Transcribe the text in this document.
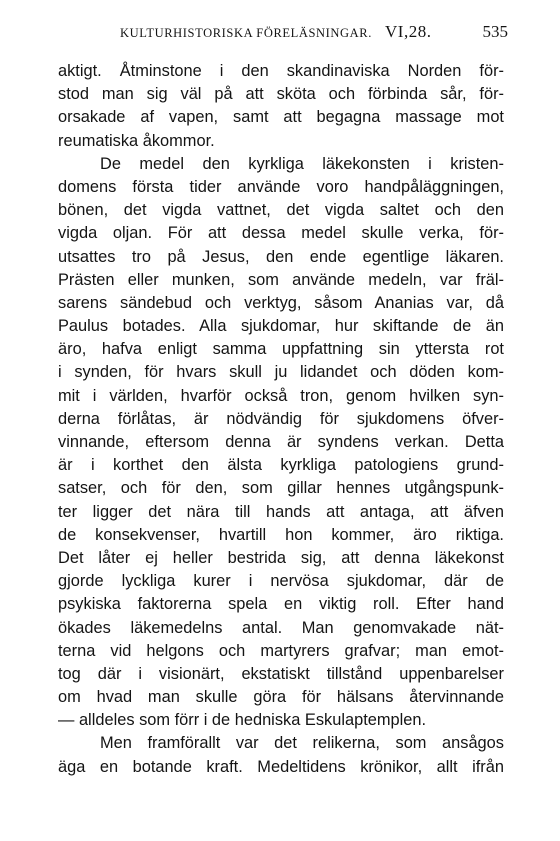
KULTURHISTORISKA FÖRELÄSNINGAR. VI,28.	535
aktigt. Åtminstone i den skandinaviska Norden för-
stod man sig väl på att sköta och förbinda sår, för-
orsakade af vapen, samt att begagna massage mot
reumatiska åkommor.
De medel den kyrkliga läkekonsten i kristen-
domens första tider använde voro handpåläggningen,
bönen, det vigda vattnet, det vigda saltet och den
vigda oljan. För att dessa medel skulle verka, för-
utsattes tro på Jesus, den ende egentlige läkaren.
Prästen eller munken, som använde medeln, var fräl-
sarens sändebud och verktyg, såsom Ananias var, då
Paulus botades. Alla sjukdomar, hur skiftande de än
äro, hafva enligt samma uppfattning sin yttersta rot
i synden, för hvars skull ju lidandet och döden kom-
mit i världen, hvarför också tron, genom hvilken syn-
derna förlåtas, är nödvändig för sjukdomens öfver-
vinnande, eftersom denna är syndens verkan. Detta
är i korthet den älsta kyrkliga patologiens grund-
satser, och för den, som gillar hennes utgångspunk-
ter ligger det nära till hands att antaga, att äfven
de konsekvenser, hvartill hon kommer, äro riktiga.
Det låter ej heller bestrida sig, att denna läkekonst
gjorde lyckliga kurer i nervösa sjukdomar, där de
psykiska faktorerna spela en viktig roll. Efter hand
ökades läkemedelns antal. Man genomvakade nät-
terna vid helgons och martyrers grafvar; man emot-
tog där i visionärt, ekstatiskt tillstånd uppenbarelser
om hvad man skulle göra för hälsans återvinnande
— alldeles som förr i de hedniska Eskulaptemplen.
Men framförallt var det relikerna, som ansågos
äga en botande kraft. Medeltidens krönikor, allt ifrån
